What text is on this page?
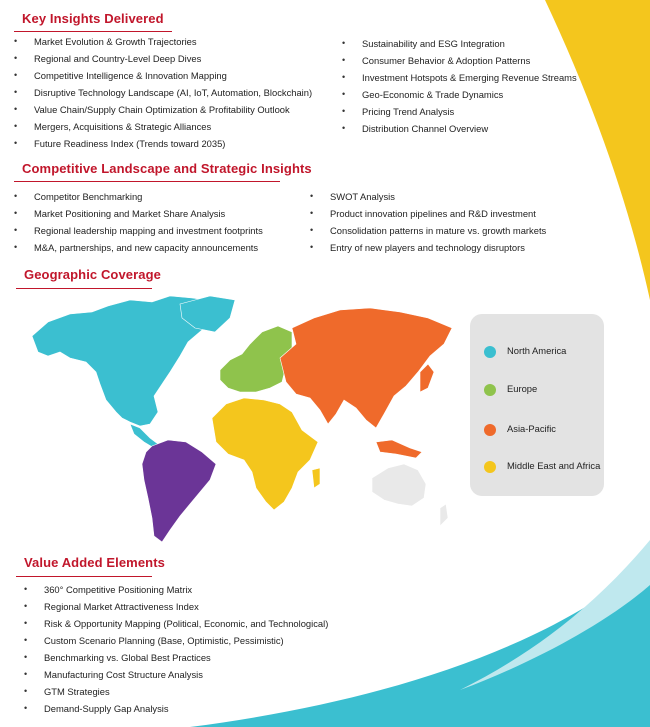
Key Insights Delivered
• Market Evolution & Growth Trajectories
• Regional and Country-Level Deep Dives
• Competitive Intelligence & Innovation Mapping
• Disruptive Technology Landscape (AI, IoT, Automation, Blockchain)
• Value Chain/Supply Chain Optimization & Profitability Outlook
• Mergers, Acquisitions & Strategic Alliances
• Future Readiness Index (Trends toward 2035)
• Sustainability and ESG Integration
• Consumer Behavior & Adoption Patterns
• Investment Hotspots & Emerging Revenue Streams
• Geo-Economic & Trade Dynamics
• Pricing Trend Analysis
• Distribution Channel Overview
Competitive Landscape and Strategic Insights
• Competitor Benchmarking
• Market Positioning and Market Share Analysis
• Regional leadership mapping and investment footprints
• M&A, partnerships, and new capacity announcements
• SWOT Analysis
• Product innovation pipelines and R&D investment
• Consolidation patterns in mature vs. growth markets
• Entry of new players and technology disruptors
Geographic Coverage
North America
Europe
Asia-Pacific
Middle East and Africa
Value Added Elements
• 360° Competitive Positioning Matrix
• Regional Market Attractiveness Index
• Risk & Opportunity Mapping (Political, Economic, and Technological)
• Custom Scenario Planning (Base, Optimistic, Pessimistic)
• Benchmarking vs. Global Best Practices
• Manufacturing Cost Structure Analysis
• GTM Strategies
• Demand-Supply Gap Analysis
